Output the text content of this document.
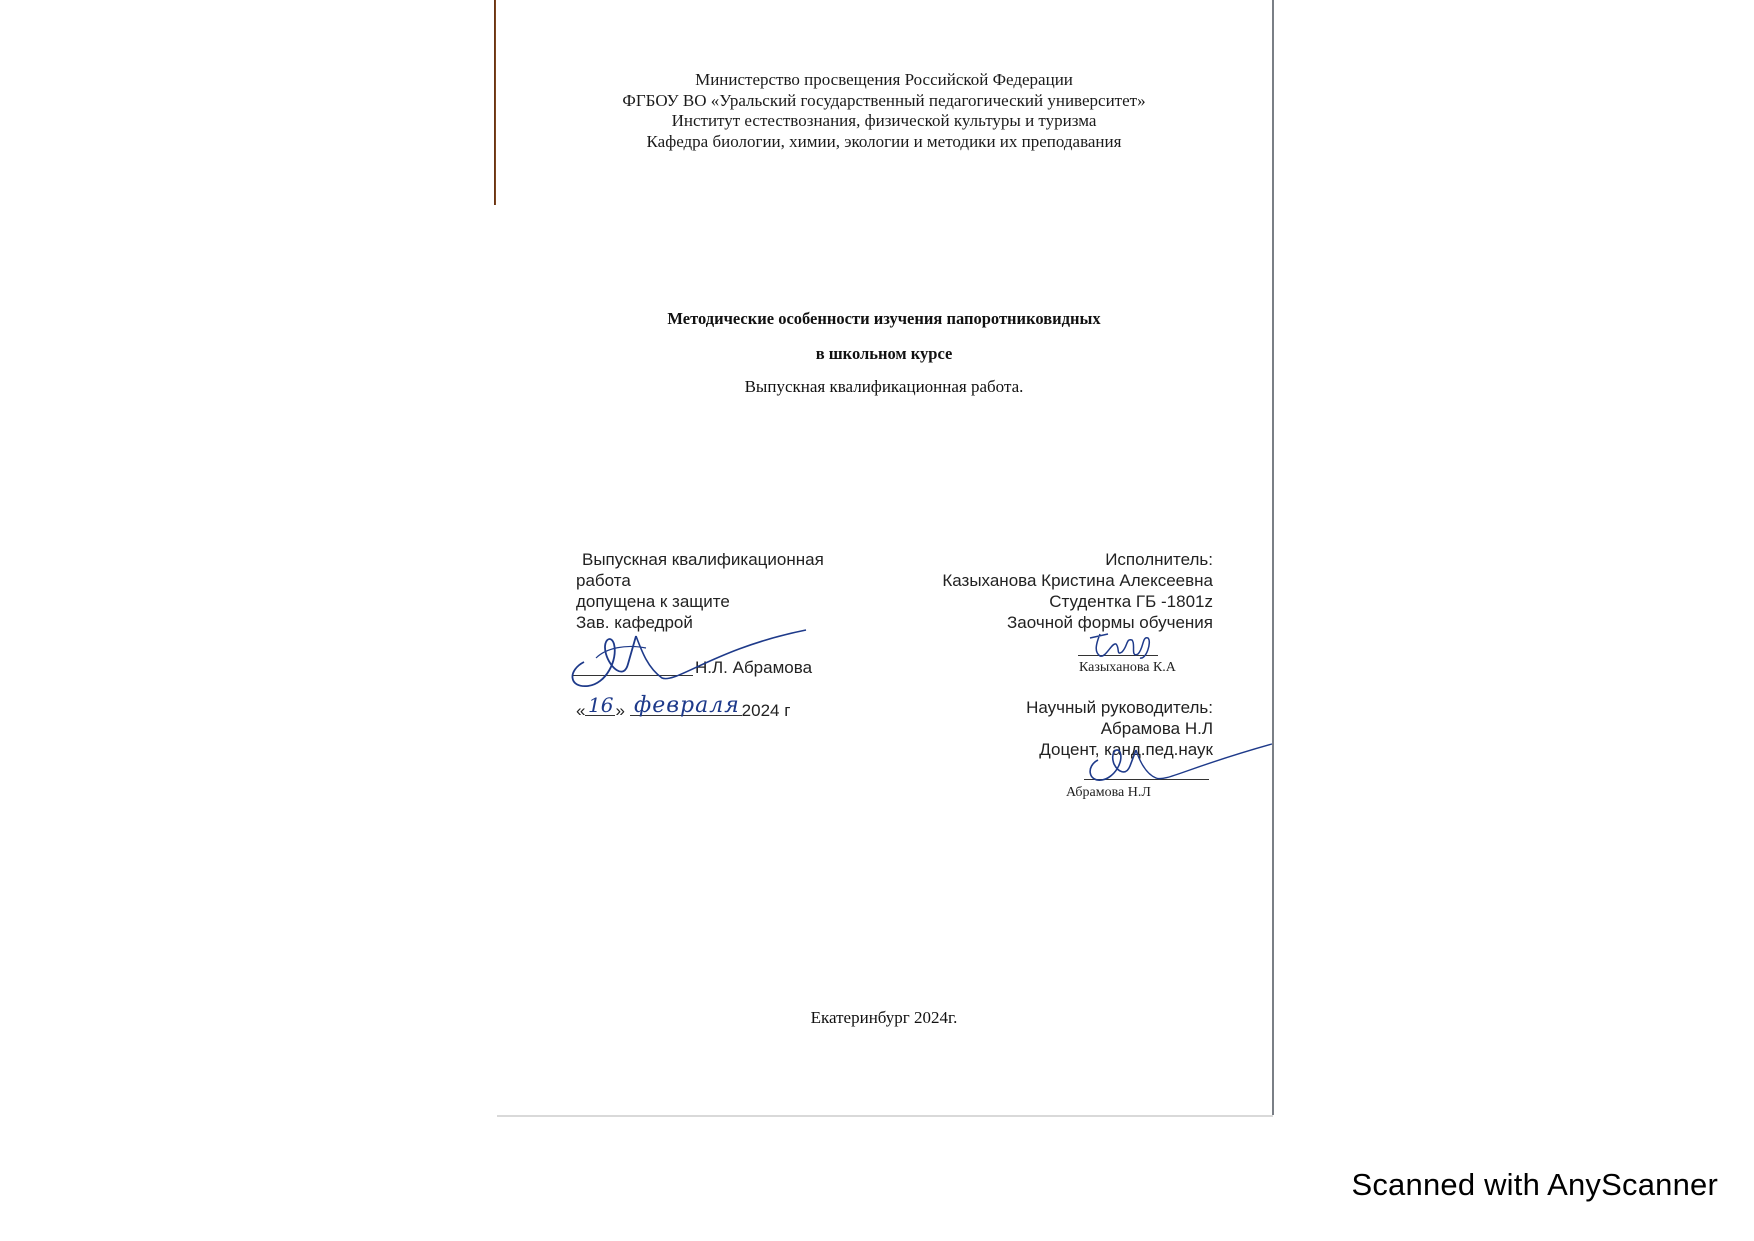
Министерство просвещения Российской Федерации
ФГБОУ ВО «Уральский государственный педагогический университет»
Институт естествознания, физической культуры и туризма
Кафедра биологии, химии, экологии и методики их преподавания
Методические особенности изучения папоротниковидных
в школьном курсе
Выпускная квалификационная работа.
Выпускная квалификационная
работа
допущена к защите
Зав. кафедрой
Н.Л. Абрамова
« »	2024 г
16 февраля
Исполнитель:
Казыханова Кристина Алексеевна
Студентка ГБ -1801z
Заочной формы обучения
Казыханова К.А
Научный руководитель:
Абрамова Н.Л
Доцент, канд.пед.наук
Абрамова Н.Л
Екатеринбург 2024г.
Scanned with AnyScanner
